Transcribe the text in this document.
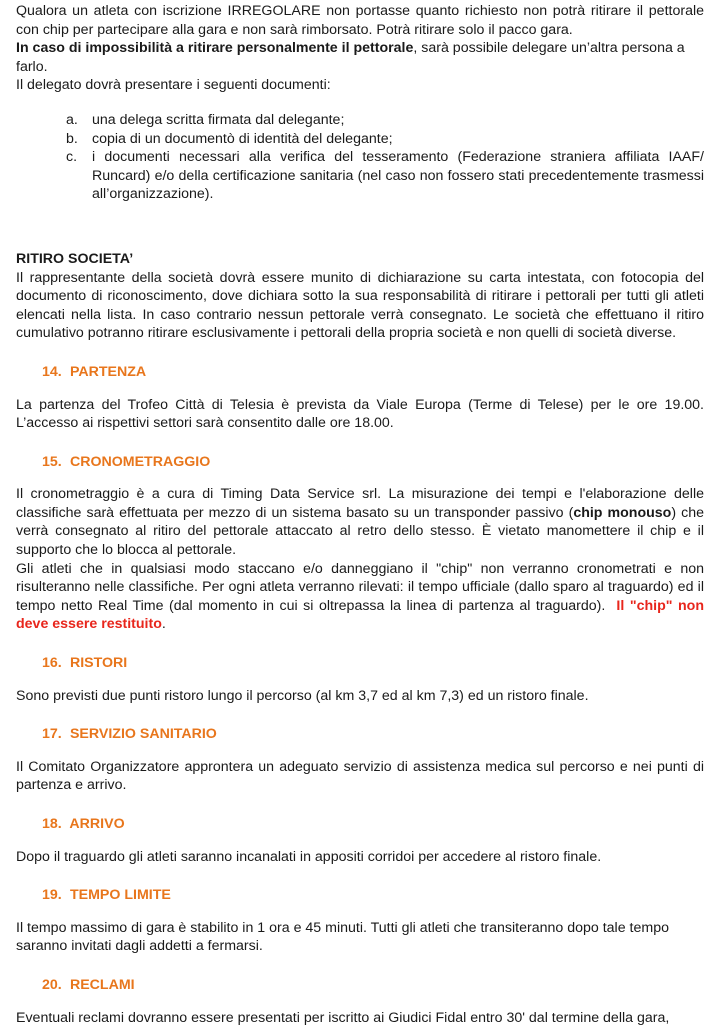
Qualora un atleta con iscrizione IRREGOLARE non portasse quanto richiesto non potrà ritirare il pettorale con chip per partecipare alla gara e non sarà rimborsato. Potrà ritirare solo il pacco gara.

In caso di impossibilità a ritirare personalmente il pettorale, sarà possibile delegare un’altra persona a farlo.

Il delegato dovrà presentare i seguenti documenti:

a. una delega scritta firmata dal delegante;
b. copia di un documentò di identità del delegante;
c.	i documenti necessari alla verifica del tesseramento (Federazione straniera affiliata IAAF/ Runcard) e/o della certificazione sanitaria (nel caso non fossero stati precedentemente trasmessi all’organizzazione).

RITIRO SOCIETA’

Il rappresentante della società dovrà essere munito di dichiarazione su carta intestata, con fotocopia del documento di riconoscimento, dove dichiara sotto la sua responsabilità di ritirare i pettorali per tutti gli atleti elencati nella lista. In caso contrario nessun pettorale verrà consegnato. Le società che effettuano il ritiro cumulativo potranno ritirare esclusivamente i pettorali della propria società e non quelli di società diverse.

14. PARTENZA

La partenza del Trofeo Città di Telesia è prevista da Viale Europa (Terme di Telese) per le ore 19.00. L’accesso ai rispettivi settori sarà consentito dalle ore 18.00.

15. CRONOMETRAGGIO

Il cronometraggio è a cura di Timing Data Service srl. La misurazione dei tempi e l'elaborazione delle classifiche sarà effettuata per mezzo di un sistema basato su un transponder passivo (chip monouso) che verrà consegnato al ritiro del pettorale attaccato al retro dello stesso. È vietato manomettere il chip e il supporto che lo blocca al pettorale.

Gli atleti che in qualsiasi modo staccano e/o danneggiano il "chip" non verranno cronometrati e non risulteranno nelle classifiche. Per ogni atleta verranno rilevati: il tempo ufficiale (dallo sparo al traguardo) ed il tempo netto Real Time (dal momento in cui si oltrepassa la linea di partenza al traguardo). Il "chip" non deve essere restituito.

16. RISTORI

Sono previsti due punti ristoro lungo il percorso (al km 3,7 ed al km 7,3) ed un ristoro finale.

17. SERVIZIO SANITARIO

Il Comitato Organizzatore approntera un adeguato servizio di assistenza medica sul percorso e nei punti di partenza e arrivo.

18. ARRIVO

Dopo il traguardo gli atleti saranno incanalati in appositi corridoi per accedere al ristoro finale.

19. TEMPO LIMITE

Il tempo massimo di gara è stabilito in 1 ora e 45 minuti. Tutti gli atleti che transiteranno dopo tale tempo saranno invitati dagli addetti a fermarsi.

20. RECLAMI

Eventuali reclami dovranno essere presentati per iscritto ai Giudici Fidal entro 30' dal termine della gara,
